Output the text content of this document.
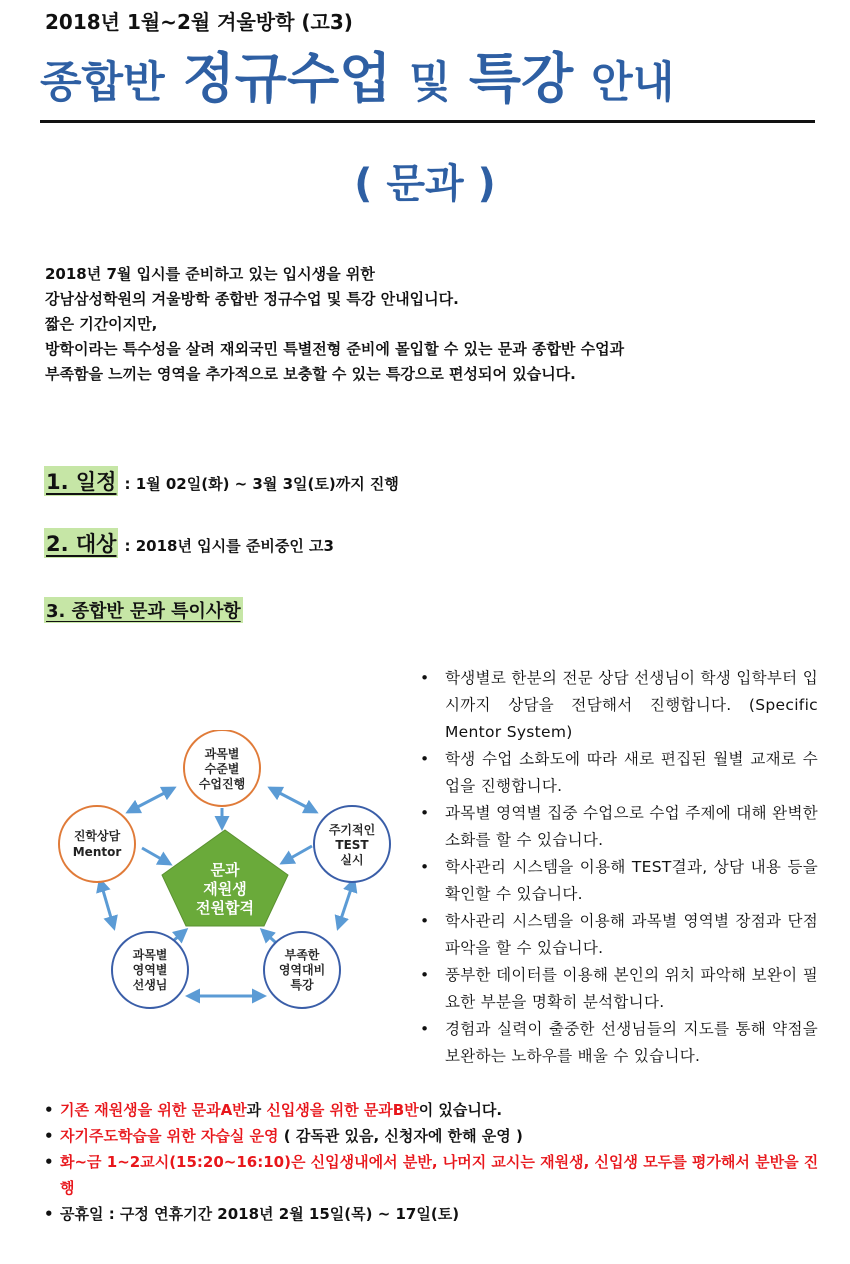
2018년 1월~2월 겨울방학 (고3)
종합반 정규수업 및 특강 안내
( 문과 )
2018년 7월 입시를 준비하고 있는 입시생을 위한
강남삼성학원의 겨울방학 종합반 정규수업 및 특강 안내입니다.
짧은 기간이지만,
방학이라는 특수성을 살려 재외국민 특별전형 준비에 몰입할 수 있는 문과 종합반 수업과
부족함을 느끼는 영역을 추가적으로 보충할 수 있는 특강으로 편성되어 있습니다.
1. 일정 : 1월 02일(화) ~ 3월 3일(토)까지 진행
2. 대상 : 2018년 입시를 준비중인 고3
3. 종합반 문과 특이사항
문과
재원생
전원합격
과목별
수준별
수업진행
진학상담
Mentor
주기적인
TEST
실시
과목별
영역별
선생님
부족한
영역대비
특강
• 학생별로 한분의 전문 상담 선생님이 학생 입학부터 입시까지 상담을 전담해서 진행합니다. (Specific Mentor System)
• 학생 수업 소화도에 따라 새로 편집된 월별 교재로 수업을 진행합니다.
• 과목별 영역별 집중 수업으로 수업 주제에 대해 완벽한 소화를 할 수 있습니다.
• 학사관리 시스템을 이용해 TEST결과, 상담 내용 등을 확인할 수 있습니다.
• 학사관리 시스템을 이용해 과목별 영역별 장점과 단점 파악을 할 수 있습니다.
• 풍부한 데이터를 이용해 본인의 위치 파악해 보완이 필요한 부분을 명확히 분석합니다.
• 경험과 실력이 출중한 선생님들의 지도를 통해 약점을 보완하는 노하우를 배울 수 있습니다.
• 기존 재원생을 위한 문과A반과 신입생을 위한 문과B반이 있습니다.
• 자기주도학습을 위한 자습실 운영 ( 감독관 있음, 신청자에 한해 운영 )
• 화~금 1~2교시(15:20~16:10)은 신입생내에서 분반, 나머지 교시는 재원생, 신입생 모두를 평가해서 분반을 진행
• 공휴일 : 구정 연휴기간 2018년 2월 15일(목) ~ 17일(토)
